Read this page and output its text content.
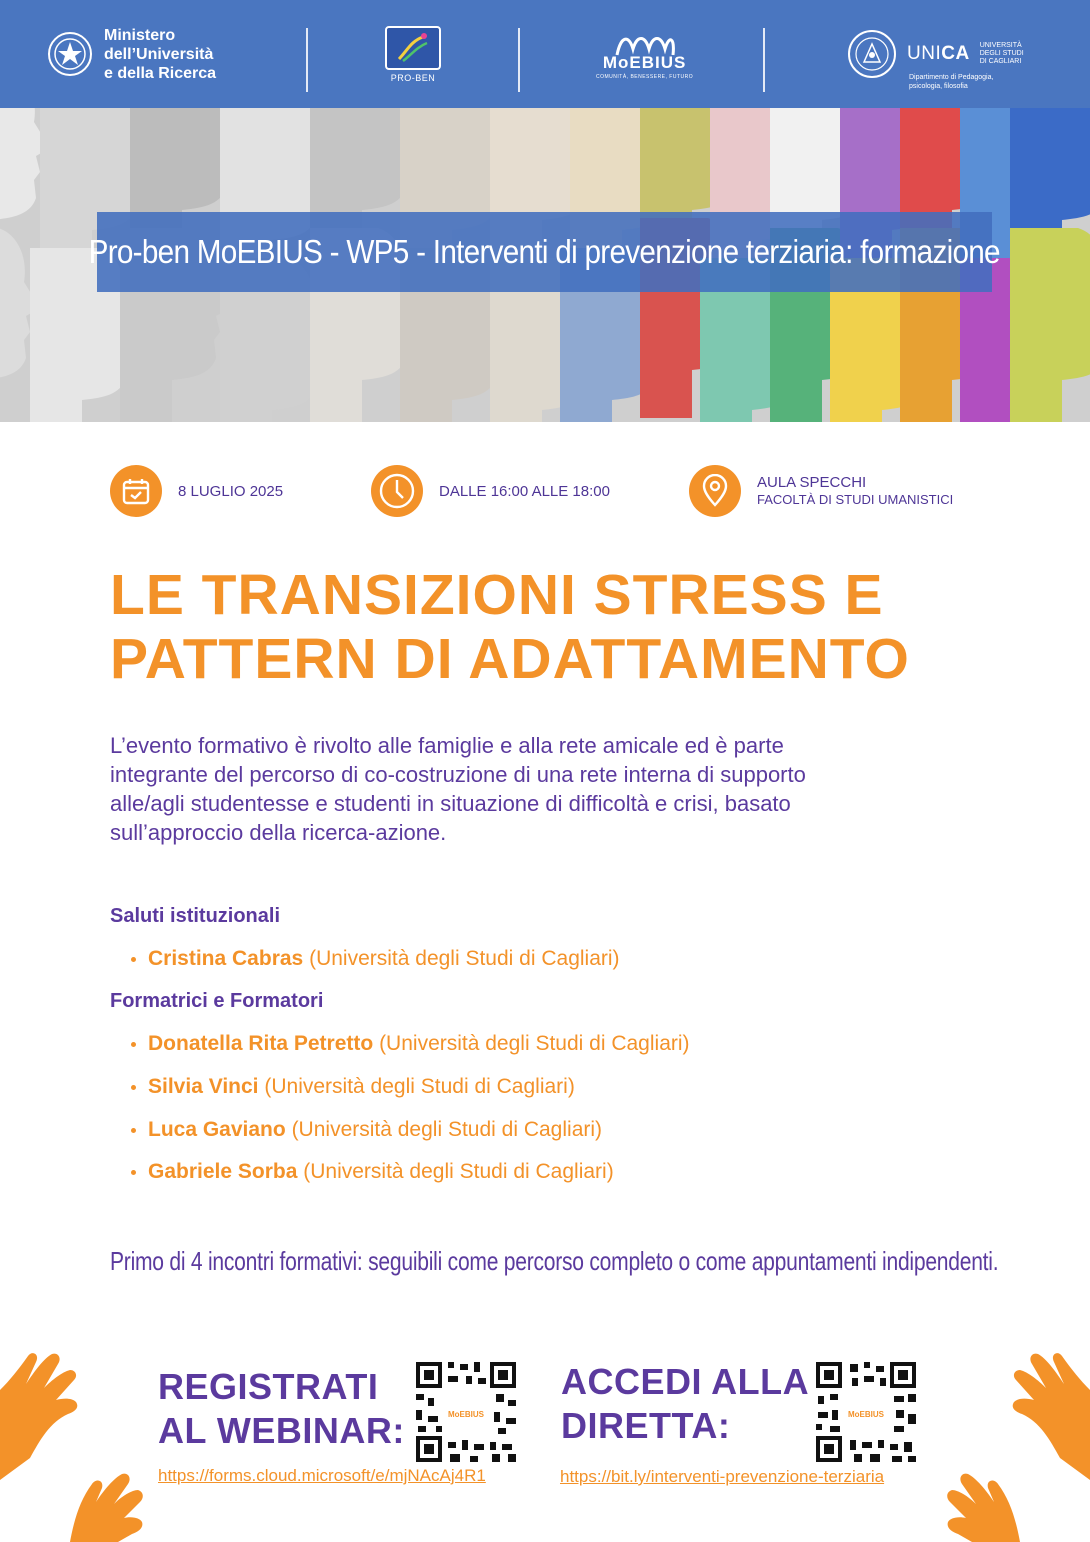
Ministero
dell’Università
e della Ricerca	PRO-BEN
MoEBIUS
COMUNITÀ, BENESSERE, FUTURO
UNICA UNIVERSITÀ
DEGLI STUDI
DI CAGLIARI
Dipartimento di Pedagogia,
psicologia, filosofia
Pro-ben MoEBIUS - WP5 - Interventi di prevenzione terziaria: formazione
8 LUGLIO 2025	DALLE 16:00 ALLE 18:00	AULA SPECCHI
FACOLTÀ DI STUDI UMANISTICI
LE TRANSIZIONI STRESS E
PATTERN DI ADATTAMENTO
L’evento formativo è rivolto alle famiglie e alla rete amicale ed è parte
integrante del percorso di co-costruzione di una rete interna di supporto
alle/agli studentesse e studenti in situazione di difficoltà e crisi, basato
sull’approccio della ricerca-azione.
Saluti istituzionali
Cristina Cabras (Università degli Studi di Cagliari)
Formatrici e Formatori
Donatella Rita Petretto (Università degli Studi di Cagliari)
Silvia Vinci (Università degli Studi di Cagliari)
Luca Gaviano (Università degli Studi di Cagliari)
Gabriele Sorba (Università degli Studi di Cagliari)
Primo di 4 incontri formativi: seguibili come percorso completo o come appuntamenti indipendenti.
REGISTRATI
AL WEBINAR:	MoEBIUS
https://forms.cloud.microsoft/e/mjNAcAj4R1
ACCEDI ALLA
DIRETTA:	MoEBIUS
https://bit.ly/interventi-prevenzione-terziaria
